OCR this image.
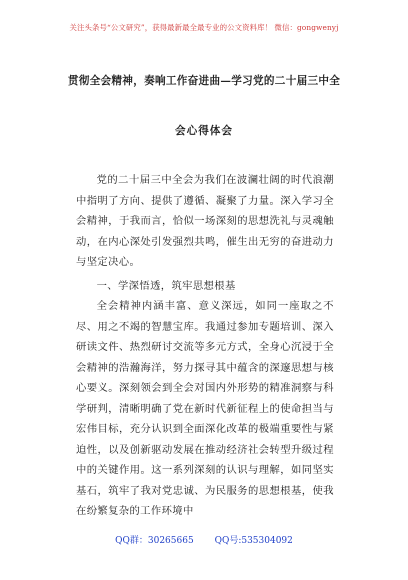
关注头条号“公文研究”，获得最新最全最专业的公文资料库！ 微信：gongwenyj
贯彻全会精神，奏响工作奋进曲—学习党的二十届三中全
会心得体会

党的二十届三中全会为我们在波澜壮阔的时代浪潮中指明了方向、提供了遵循、凝聚了力量。深入学习全会精神，于我而言，恰似一场深刻的思想洗礼与灵魂触动，在内心深处引发强烈共鸣，催生出无穷的奋进动力与坚定决心。

一、学深悟透，筑牢思想根基

全会精神内涵丰富、意义深远，如同一座取之不尽、用之不竭的智慧宝库。我通过参加专题培训、深入研读文件、热烈研讨交流等多元方式，全身心沉浸于全会精神的浩瀚海洋，努力探寻其中蕴含的深邃思想与核心要义。深刻领会到全会对国内外形势的精准洞察与科学研判，清晰明确了党在新时代新征程上的使命担当与宏伟目标，充分认识到全面深化改革的极端重要性与紧迫性，以及创新驱动发展在推动经济社会转型升级过程中的关键作用。这一系列深刻的认识与理解，如同坚实基石，筑牢了我对党忠诚、为民服务的思想根基，使我在纷繁复杂的工作环境中

QQ群：30265665 QQ号:535304092
